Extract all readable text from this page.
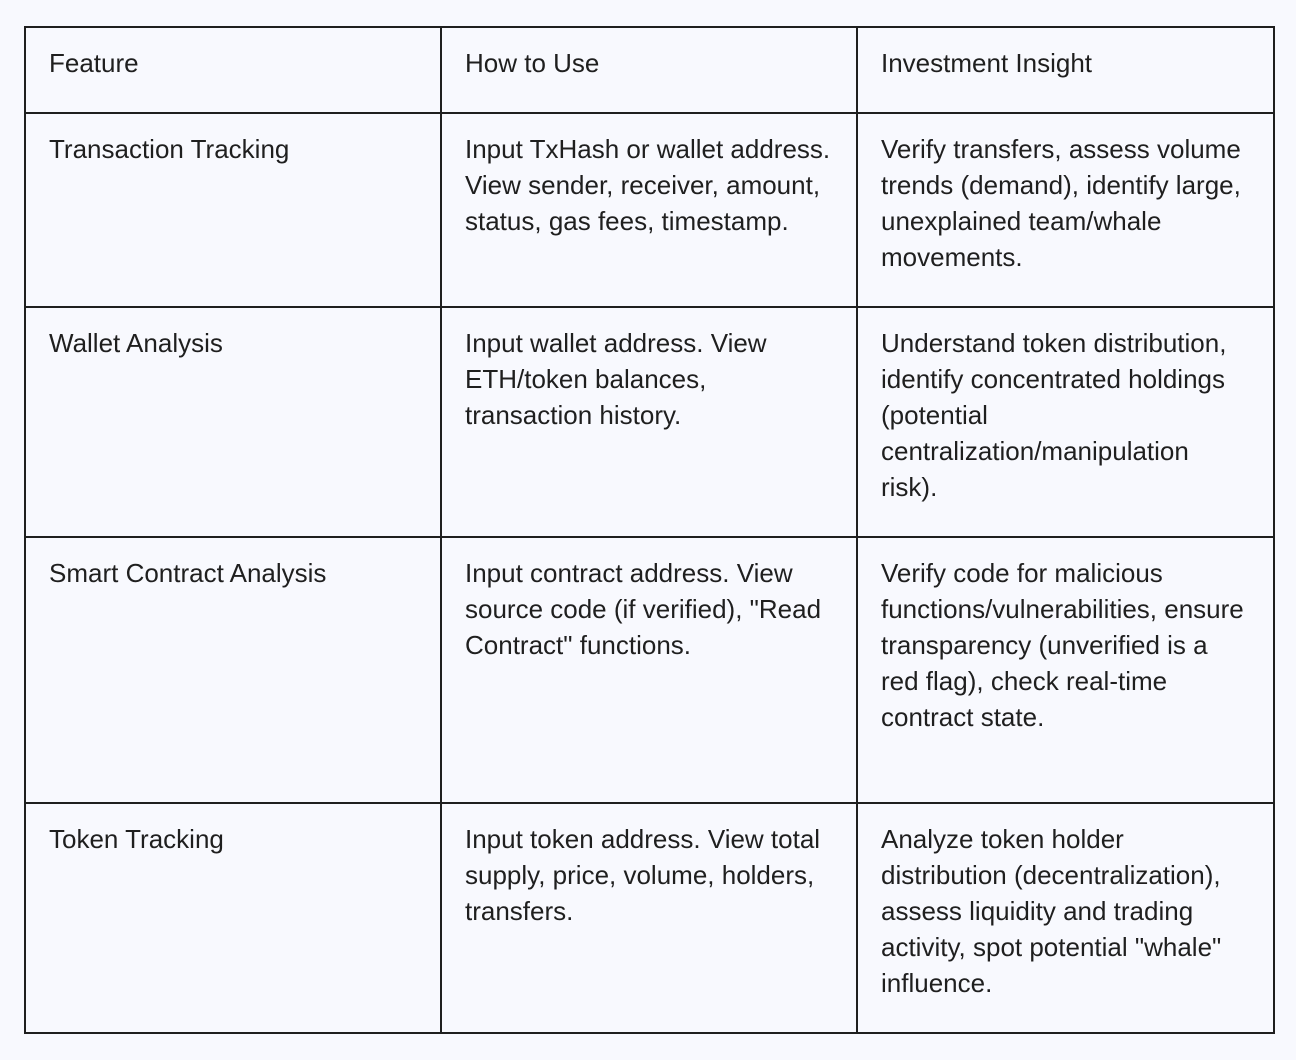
Feature	How to Use	Investment Insight
Transaction Tracking	Input TxHash or wallet address. View sender, receiver, amount, status, gas fees, timestamp.	Verify transfers, assess volume trends (demand), identify large, unexplained team/whale movements.
Wallet Analysis	Input wallet address. View ETH/token balances, transaction history.	Understand token distribution, identify concentrated holdings (potential centralization/manipulation risk).
Smart Contract Analysis	Input contract address. View source code (if verified), "Read Contract" functions.	Verify code for malicious functions/vulnerabilities, ensure transparency (unverified is a red flag), check real-time contract state.
Token Tracking	Input token address. View total supply, price, volume, holders, transfers.	Analyze token holder distribution (decentralization), assess liquidity and trading activity, spot potential "whale" influence.
